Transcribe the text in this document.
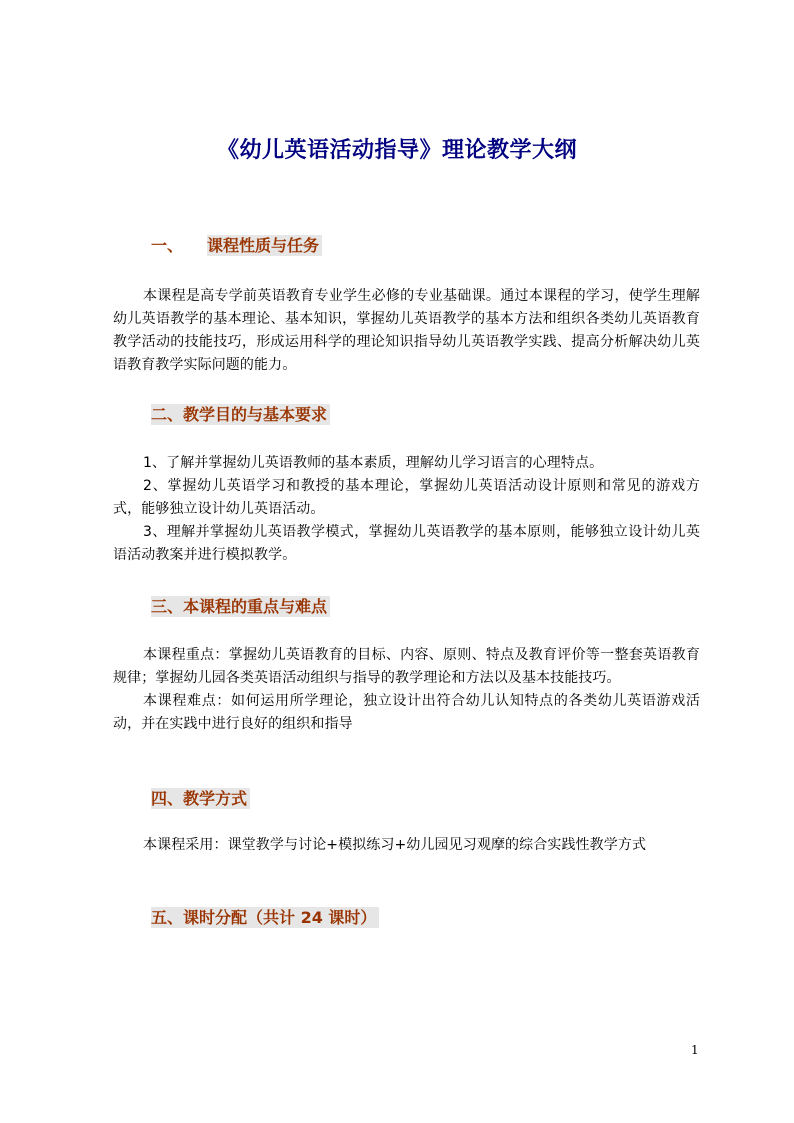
《幼儿英语活动指导》理论教学大纲
一、 课程性质与任务

本课程是高专学前英语教育专业学生必修的专业基础课。通过本课程的学习，使学生理解幼儿英语教学的基本理论、基本知识，掌握幼儿英语教学的基本方法和组织各类幼儿英语教育教学活动的技能技巧，形成运用科学的理论知识指导幼儿英语教学实践、提高分析解决幼儿英语教育教学实际问题的能力。

二、教学目的与基本要求

1、了解并掌握幼儿英语教师的基本素质，理解幼儿学习语言的心理特点。

2、掌握幼儿英语学习和教授的基本理论，掌握幼儿英语活动设计原则和常见的游戏方式，能够独立设计幼儿英语活动。

3、理解并掌握幼儿英语教学模式，掌握幼儿英语教学的基本原则，能够独立设计幼儿英语活动教案并进行模拟教学。

三、本课程的重点与难点

本课程重点：掌握幼儿英语教育的目标、内容、原则、特点及教育评价等一整套英语教育规律；掌握幼儿园各类英语活动组织与指导的教学理论和方法以及基本技能技巧。

本课程难点：如何运用所学理论，独立设计出符合幼儿认知特点的各类幼儿英语游戏活动，并在实践中进行良好的组织和指导

四、教学方式

本课程采用：课堂教学与讨论+模拟练习+幼儿园见习观摩的综合实践性教学方式

五、课时分配（共计 24 课时）
1
